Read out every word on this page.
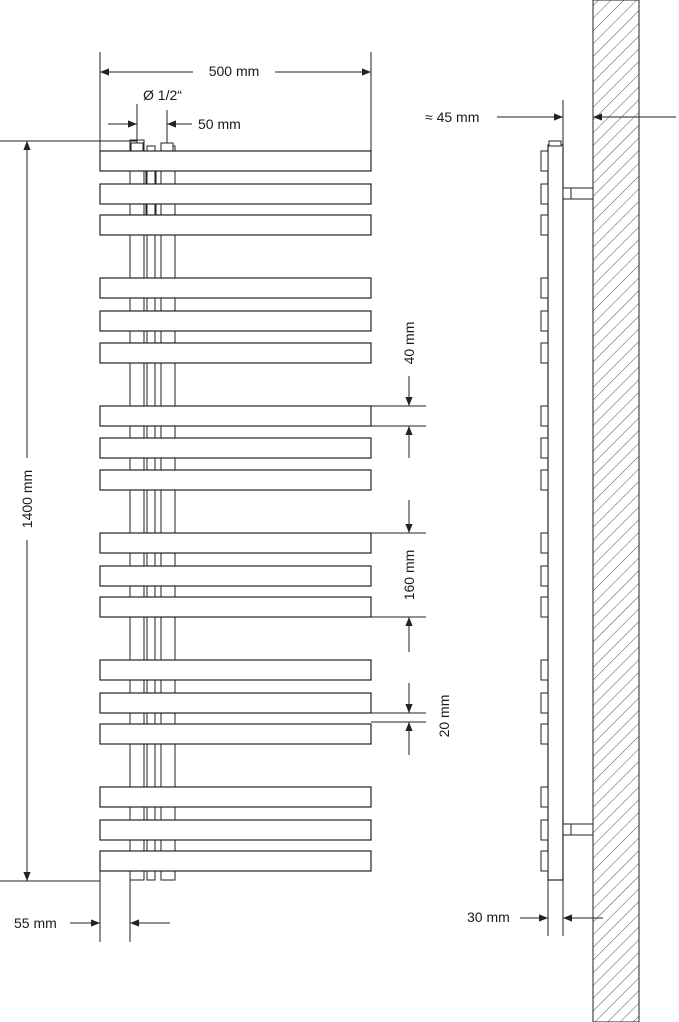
500 mm
Ø 1/2“
50 mm
1400 mm
55 mm
40 mm
160 mm
20 mm
≈ 45 mm
30 mm
